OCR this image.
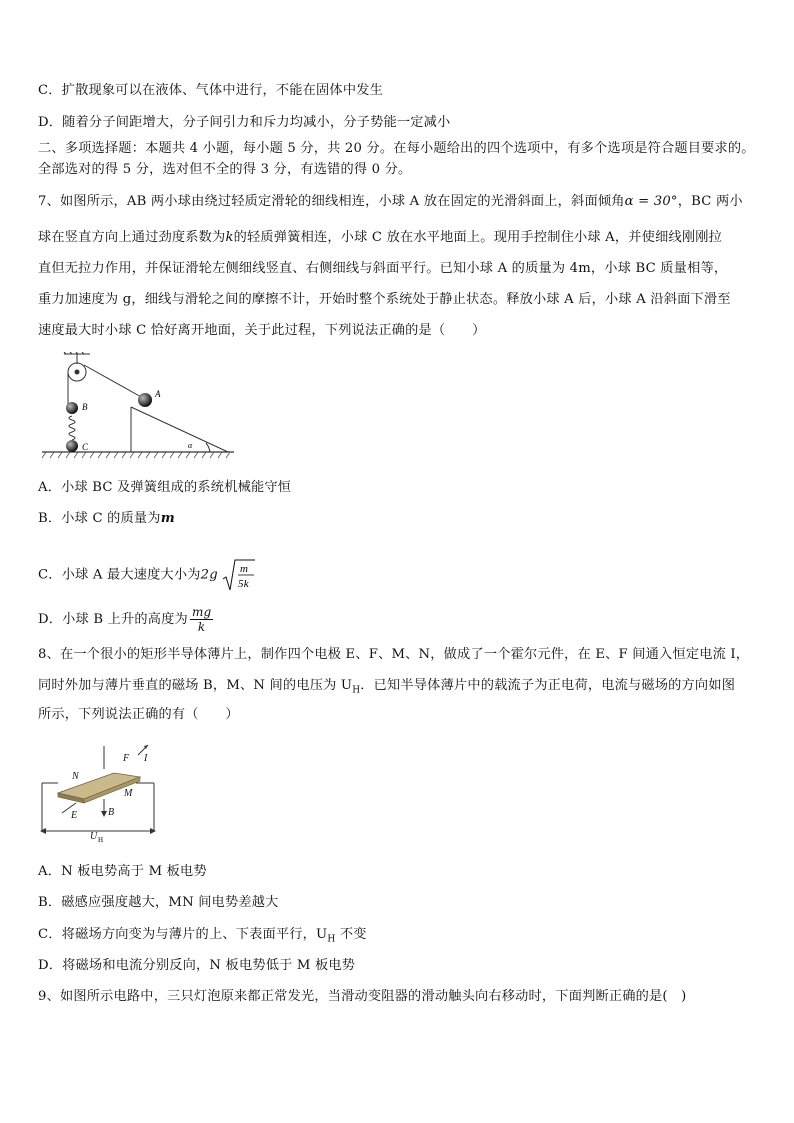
C．扩散现象可以在液体、气体中进行，不能在固体中发生
D．随着分子间距增大，分子间引力和斥力均减小，分子势能一定减小
二、多项选择题：本题共 4 小题，每小题 5 分，共 20 分。在每小题给出的四个选项中，有多个选项是符合题目要求的。
全部选对的得 5 分，选对但不全的得 3 分，有选错的得 0 分。
7、如图所示，AB 两小球由绕过轻质定滑轮的细线相连，小球 A 放在固定的光滑斜面上，斜面倾角α = 30°，BC 两小
球在竖直方向上通过劲度系数为k的轻质弹簧相连，小球 C 放在水平地面上。现用手控制住小球 A，并使细线刚刚拉
直但无拉力作用，并保证滑轮左侧细线竖直、右侧细线与斜面平行。已知小球 A 的质量为 4m，小球 BC 质量相等，
重力加速度为 g，细线与滑轮之间的摩擦不计，开始时整个系统处于静止状态。释放小球 A 后，小球 A 沿斜面下滑至
速度最大时小球 C 恰好离开地面，关于此过程，下列说法正确的是（　　）
A
B
C	α
A．小球 BC 及弹簧组成的系统机械能守恒
B．小球 C 的质量为m
C．小球 A 最大速度大小为2g m
5k
D．小球 B 上升的高度为 $\frac{mg}{k}$
8、在一个很小的矩形半导体薄片上，制作四个电极 E、F、M、N，做成了一个霍尔元件，在 E、F 间通入恒定电流 I，
同时外加与薄片垂直的磁场 B，M、N 间的电压为 $U_H$．已知半导体薄片中的载流子为正电荷，电流与磁场的方向如图
所示，下列说法正确的有（　　）
F I
N
M
E	B
U H
A．N 板电势高于 M 板电势
B．磁感应强度越大，MN 间电势差越大
C．将磁场方向变为与薄片的上、下表面平行，$U_H$ 不变
D．将磁场和电流分别反向，N 板电势低于 M 板电势
9、如图所示电路中，三只灯泡原来都正常发光，当滑动变阻器的滑动触头向右移动时，下面判断正确的是(　)
